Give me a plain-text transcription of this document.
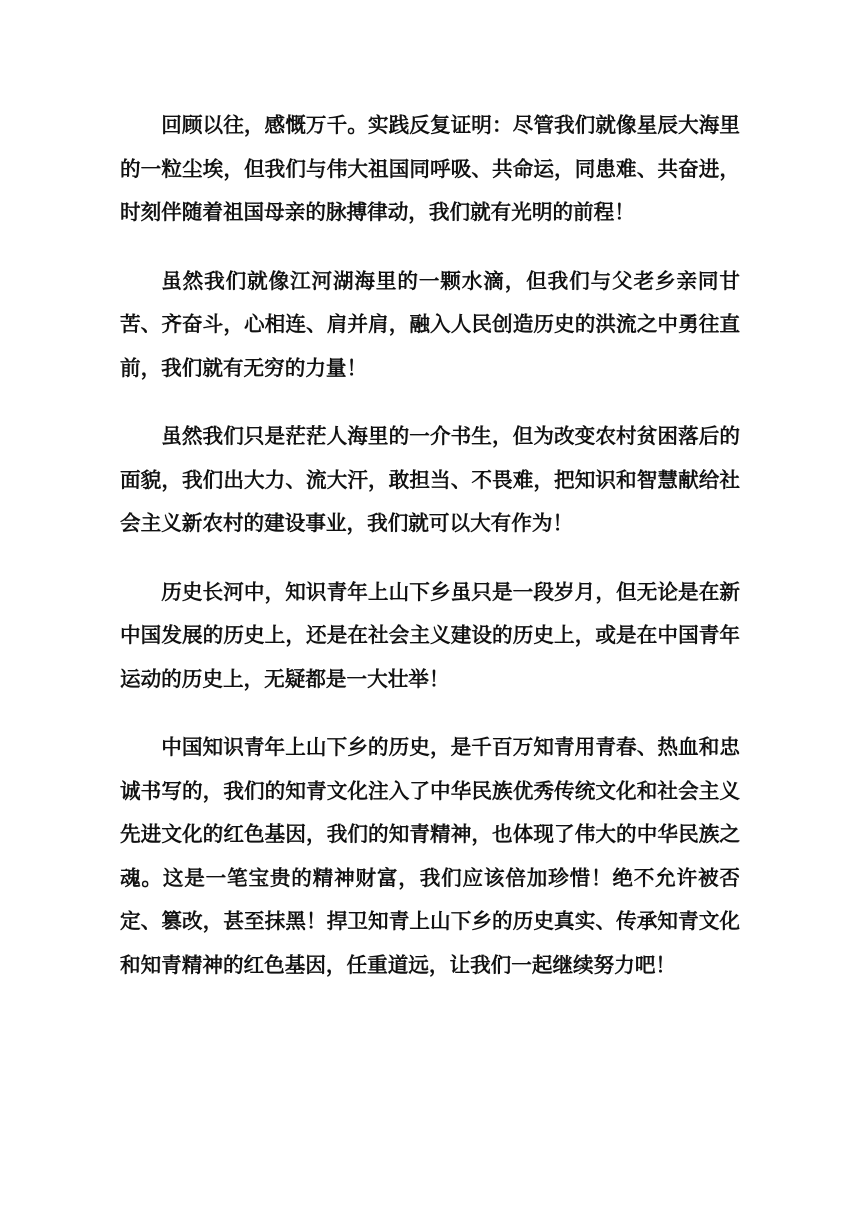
回顾以往，感慨万千。实践反复证明：尽管我们就像星辰大海里的一粒尘埃，但我们与伟大祖国同呼吸、共命运，同患难、共奋进，时刻伴随着祖国母亲的脉搏律动，我们就有光明的前程！

虽然我们就像江河湖海里的一颗水滴，但我们与父老乡亲同甘苦、齐奋斗，心相连、肩并肩，融入人民创造历史的洪流之中勇往直前，我们就有无穷的力量！

虽然我们只是茫茫人海里的一介书生，但为改变农村贫困落后的面貌，我们出大力、流大汗，敢担当、不畏难，把知识和智慧献给社会主义新农村的建设事业，我们就可以大有作为！

历史长河中，知识青年上山下乡虽只是一段岁月，但无论是在新中国发展的历史上，还是在社会主义建设的历史上，或是在中国青年运动的历史上，无疑都是一大壮举！

中国知识青年上山下乡的历史，是千百万知青用青春、热血和忠诚书写的，我们的知青文化注入了中华民族优秀传统文化和社会主义先进文化的红色基因，我们的知青精神，也体现了伟大的中华民族之魂。这是一笔宝贵的精神财富，我们应该倍加珍惜！绝不允许被否定、篡改，甚至抹黑！捍卫知青上山下乡的历史真实、传承知青文化和知青精神的红色基因，任重道远，让我们一起继续努力吧！
